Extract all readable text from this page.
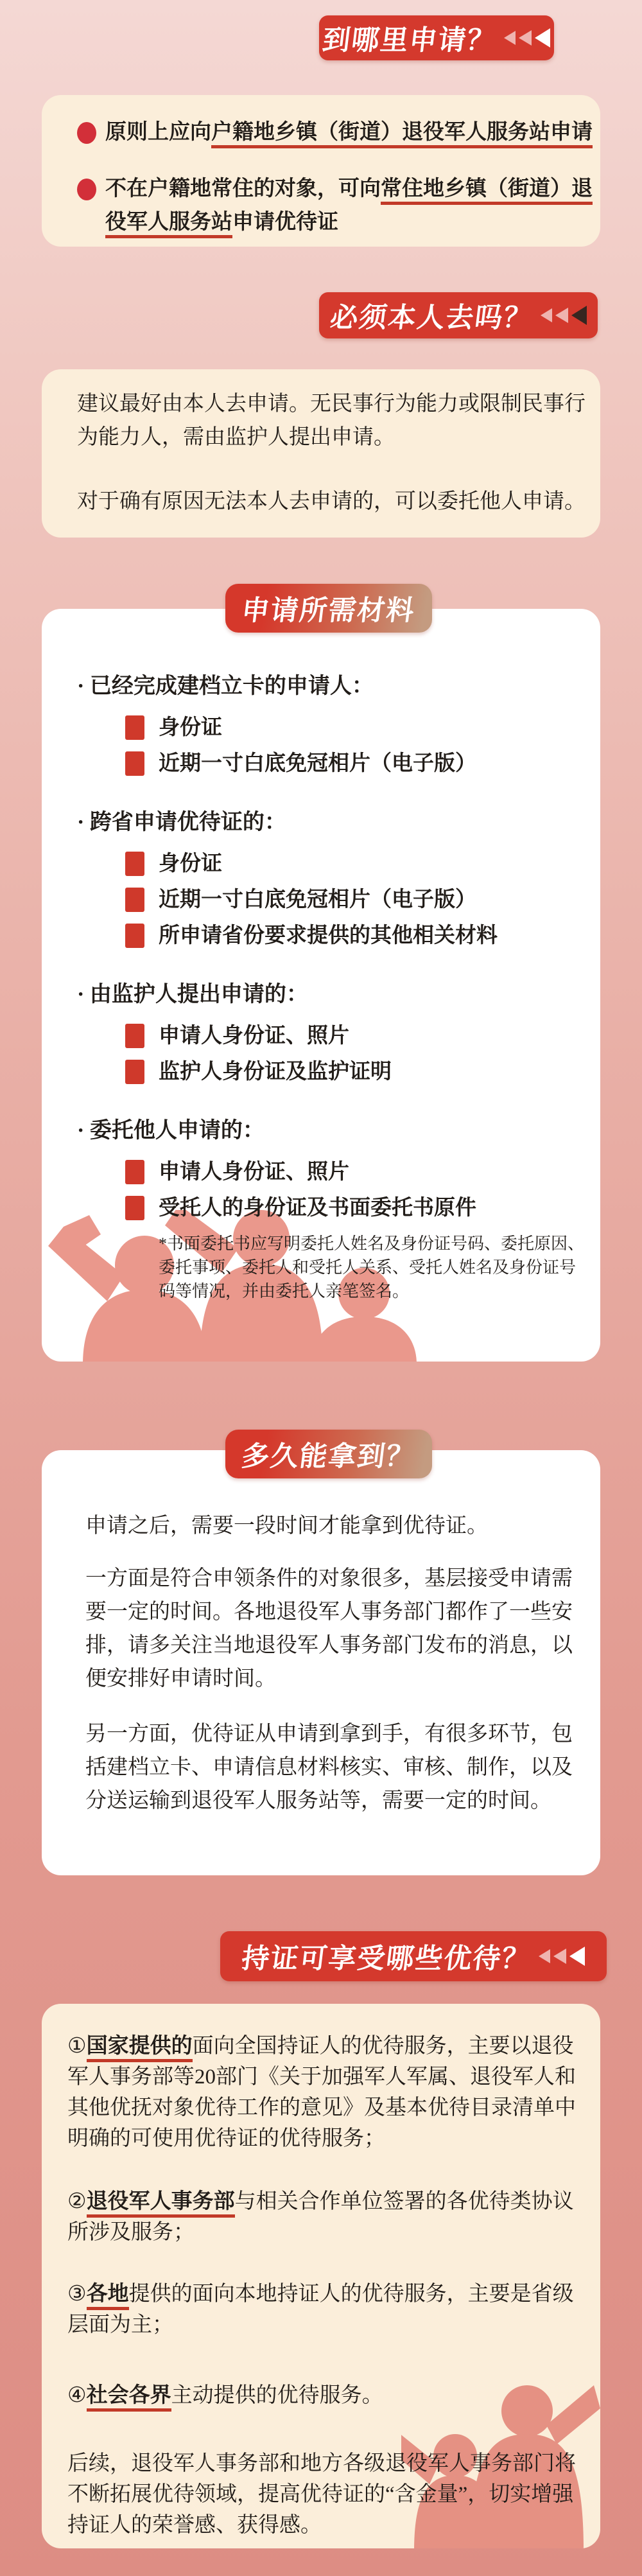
到哪里申请？
原则上应向户籍地乡镇（街道）退役军人服务站申请
不在户籍地常住的对象，可向常住地乡镇（街道）退役军人服务站申请优待证
必须本人去吗？
建议最好由本人去申请。无民事行为能力或限制民事行为能力人，需由监护人提出申请。
对于确有原因无法本人去申请的，可以委托他人申请。
申请所需材料
· 已经完成建档立卡的申请人：
身份证
近期一寸白底免冠相片（电子版）
· 跨省申请优待证的：
身份证
近期一寸白底免冠相片（电子版）
所申请省份要求提供的其他相关材料
· 由监护人提出申请的：
申请人身份证、照片
监护人身份证及监护证明
· 委托他人申请的：
申请人身份证、照片
受托人的身份证及书面委托书原件
*书面委托书应写明委托人姓名及身份证号码、委托原因、委托事项、委托人和受托人关系、受托人姓名及身份证号码等情况，并由委托人亲笔签名。
多久能拿到？
申请之后，需要一段时间才能拿到优待证。
一方面是符合申领条件的对象很多，基层接受申请需要一定的时间。各地退役军人事务部门都作了一些安排，请多关注当地退役军人事务部门发布的消息，以便安排好申请时间。
另一方面，优待证从申请到拿到手，有很多环节，包括建档立卡、申请信息材料核实、审核、制作，以及分送运输到退役军人服务站等，需要一定的时间。
持证可享受哪些优待？
①国家提供的面向全国持证人的优待服务，主要以退役军人事务部等20部门《关于加强军人军属、退役军人和其他优抚对象优待工作的意见》及基本优待目录清单中明确的可使用优待证的优待服务；
②退役军人事务部与相关合作单位签署的各优待类协议所涉及服务；
③各地提供的面向本地持证人的优待服务，主要是省级层面为主；
④社会各界主动提供的优待服务。
后续，退役军人事务部和地方各级退役军人事务部门将不断拓展优待领域，提高优待证的“含金量”，切实增强持证人的荣誉感、获得感。
